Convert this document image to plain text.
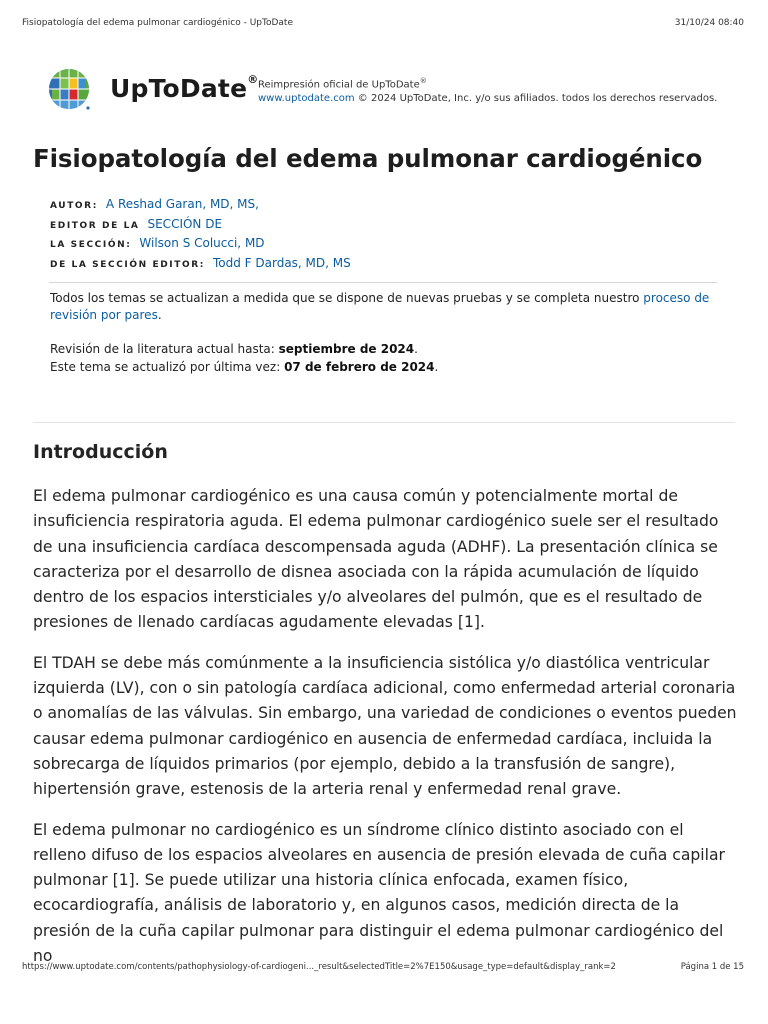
Fisiopatología del edema pulmonar cardiogénico - UpToDate	31/10/24 08:40
UpToDate® Reimpresión oficial de UpToDate®
www.uptodate.com © 2024 UpToDate, Inc. y/o sus afiliados. todos los derechos reservados.
Fisiopatología del edema pulmonar cardiogénico
AUTOR: A Reshad Garan, MD, MS,
EDITOR DE LA SECCIÓN DE
LA SECCIÓN: Wilson S Colucci, MD
DE LA SECCIÓN EDITOR: Todd F Dardas, MD, MS
Todos los temas se actualizan a medida que se dispone de nuevas pruebas y se completa nuestro proceso de revisión por pares.
Revisión de la literatura actual hasta: septiembre de 2024.
Este tema se actualizó por última vez: 07 de febrero de 2024.
Introducción

El edema pulmonar cardiogénico es una causa común y potencialmente mortal de insuficiencia respiratoria aguda. El edema pulmonar cardiogénico suele ser el resultado de una insuficiencia cardíaca descompensada aguda (ADHF). La presentación clínica se caracteriza por el desarrollo de disnea asociada con la rápida acumulación de líquido dentro de los espacios intersticiales y/o alveolares del pulmón, que es el resultado de presiones de llenado cardíacas agudamente elevadas [1].

El TDAH se debe más comúnmente a la insuficiencia sistólica y/o diastólica ventricular izquierda (LV), con o sin patología cardíaca adicional, como enfermedad arterial coronaria o anomalías de las válvulas. Sin embargo, una variedad de condiciones o eventos pueden causar edema pulmonar cardiogénico en ausencia de enfermedad cardíaca, incluida la sobrecarga de líquidos primarios (por ejemplo, debido a la transfusión de sangre), hipertensión grave, estenosis de la arteria renal y enfermedad renal grave.

El edema pulmonar no cardiogénico es un síndrome clínico distinto asociado con el relleno difuso de los espacios alveolares en ausencia de presión elevada de cuña capilar pulmonar [1]. Se puede utilizar una historia clínica enfocada, examen físico, ecocardiografía, análisis de laboratorio y, en algunos casos, medición directa de la presión de la cuña capilar pulmonar para distinguir el edema pulmonar cardiogénico del no

https://www.uptodate.com/contents/pathophysiology-of-cardiogeni..._result&selectedTitle=2%7E150&usage_type=default&display_rank=2	Página 1 de 15
